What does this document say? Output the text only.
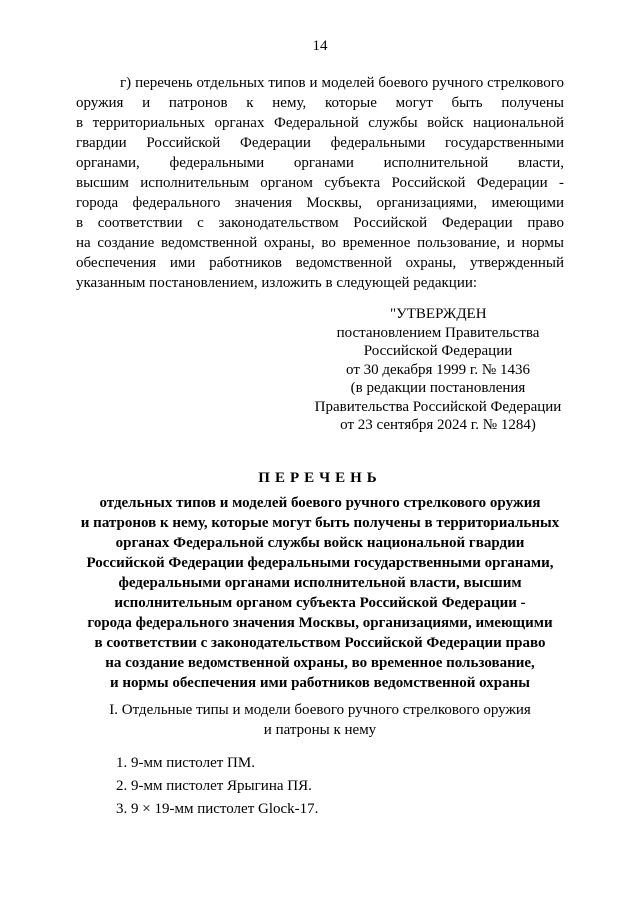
14
г) перечень отдельных типов и моделей боевого ручного стрелкового
оружия и патронов к нему, которые могут быть получены
в территориальных органах Федеральной службы войск национальной
гвардии Российской Федерации федеральными государственными
органами, федеральными органами исполнительной власти,
высшим исполнительным органом субъекта Российской Федерации -
города федерального значения Москвы, организациями, имеющими
в соответствии с законодательством Российской Федерации право
на создание ведомственной охраны, во временное пользование, и нормы
обеспечения ими работников ведомственной охраны, утвержденный
указанным постановлением, изложить в следующей редакции:
"УТВЕРЖДЕН
постановлением Правительства
Российской Федерации
от 30 декабря 1999 г. № 1436
(в редакции постановления
Правительства Российской Федерации
от 23 сентября 2024 г. № 1284)
ПЕРЕЧЕНЬ
отдельных типов и моделей боевого ручного стрелкового оружия
и патронов к нему, которые могут быть получены в территориальных
органах Федеральной службы войск национальной гвардии
Российской Федерации федеральными государственными органами,
федеральными органами исполнительной власти, высшим
исполнительным органом субъекта Российской Федерации -
города федерального значения Москвы, организациями, имеющими
в соответствии с законодательством Российской Федерации право
на создание ведомственной охраны, во временное пользование,
и нормы обеспечения ими работников ведомственной охраны
I. Отдельные типы и модели боевого ручного стрелкового оружия
и патроны к нему
1. 9-мм пистолет ПМ.
2. 9-мм пистолет Ярыгина ПЯ.
3. 9 × 19-мм пистолет Glock-17.
